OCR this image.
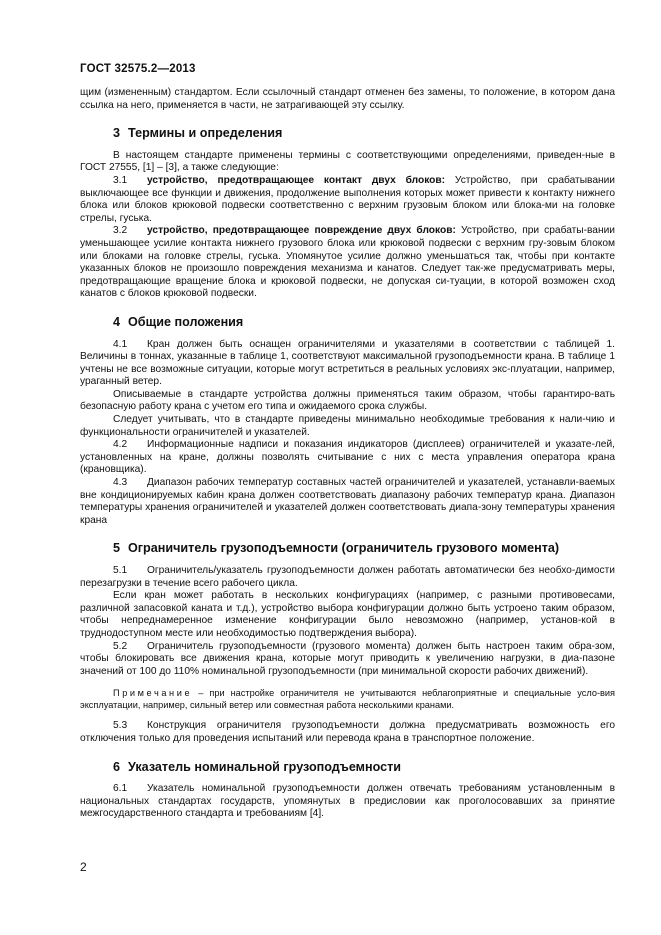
ГОСТ 32575.2—2013

щим (измененным) стандартом. Если ссылочный стандарт отменен без замены, то положение, в котором дана ссылка на него, применяется в части, не затрагивающей эту ссылку.

3 Термины и определения

В настоящем стандарте применены термины с соответствующими определениями, приведен-ные в ГОСТ 27555, [1] – [3], а также следующие:

3.1 устройство, предотвращающее контакт двух блоков: Устройство, при срабатывании выключающее все функции и движения, продолжение выполнения которых может привести к контакту нижнего блока или блоков крюковой подвески соответственно с верхним грузовым блоком или блока-ми на головке стрелы, гуська.

3.2 устройство, предотвращающее повреждение двух блоков: Устройство, при срабаты-вании уменьшающее усилие контакта нижнего грузового блока или крюковой подвески с верхним гру-зовым блоком или блоками на головке стрелы, гуська. Упомянутое усилие должно уменьшаться так, чтобы при контакте указанных блоков не произошло повреждения механизма и канатов. Следует так-же предусматривать меры, предотвращающие вращение блока и крюковой подвески, не допуская си-туации, в которой возможен сход канатов с блоков крюковой подвески.

4 Общие положения

4.1 Кран должен быть оснащен ограничителями и указателями в соответствии с таблицей 1. Величины в тоннах, указанные в таблице 1, соответствуют максимальной грузоподъемности крана. В таблице 1 учтены не все возможные ситуации, которые могут встретиться в реальных условиях экс-плуатации, например, ураганный ветер.

Описываемые в стандарте устройства должны применяться таким образом, чтобы гарантиро-вать безопасную работу крана с учетом его типа и ожидаемого срока службы.

Следует учитывать, что в стандарте приведены минимально необходимые требования к нали-чию и функциональности ограничителей и указателей.

4.2 Информационные надписи и показания индикаторов (дисплеев) ограничителей и указате-лей, установленных на кране, должны позволять считывание с них с места управления оператора крана (крановщика).

4.3 Диапазон рабочих температур составных частей ограничителей и указателей, устанавли-ваемых вне кондиционируемых кабин крана должен соответствовать диапазону рабочих температур крана. Диапазон температуры хранения ограничителей и указателей должен соответствовать диапа-зону температуры хранения крана

5 Ограничитель грузоподъемности (ограничитель грузового момента)

5.1 Ограничитель/указатель грузоподъемности должен работать автоматически без необхо-димости перезагрузки в течение всего рабочего цикла.

Если кран может работать в нескольких конфигурациях (например, с разными противовесами, различной запасовкой каната и т.д.), устройство выбора конфигурации должно быть устроено таким образом, чтобы непреднамеренное изменение конфигурации было невозможно (например, установ-кой в труднодоступном месте или необходимостью подтверждения выбора).

5.2 Ограничитель грузоподъемности (грузового момента) должен быть настроен таким обра-зом, чтобы блокировать все движения крана, которые могут приводить к увеличению нагрузки, в диа-пазоне значений от 100 до 110% номинальной грузоподъемности (при минимальной скорости рабочих движений).

Примечание – при настройке ограничителя не учитываются неблагоприятные и специальные усло-вия эксплуатации, например, сильный ветер или совместная работа несколькими кранами.

5.3 Конструкция ограничителя грузоподъемности должна предусматривать возможность его отключения только для проведения испытаний или перевода крана в транспортное положение.

6 Указатель номинальной грузоподъемности

6.1 Указатель номинальной грузоподъемности должен отвечать требованиям установленным в национальных стандартах государств, упомянутых в предисловии как проголосовавших за принятие межгосударственного стандарта и требованиям [4].

2
